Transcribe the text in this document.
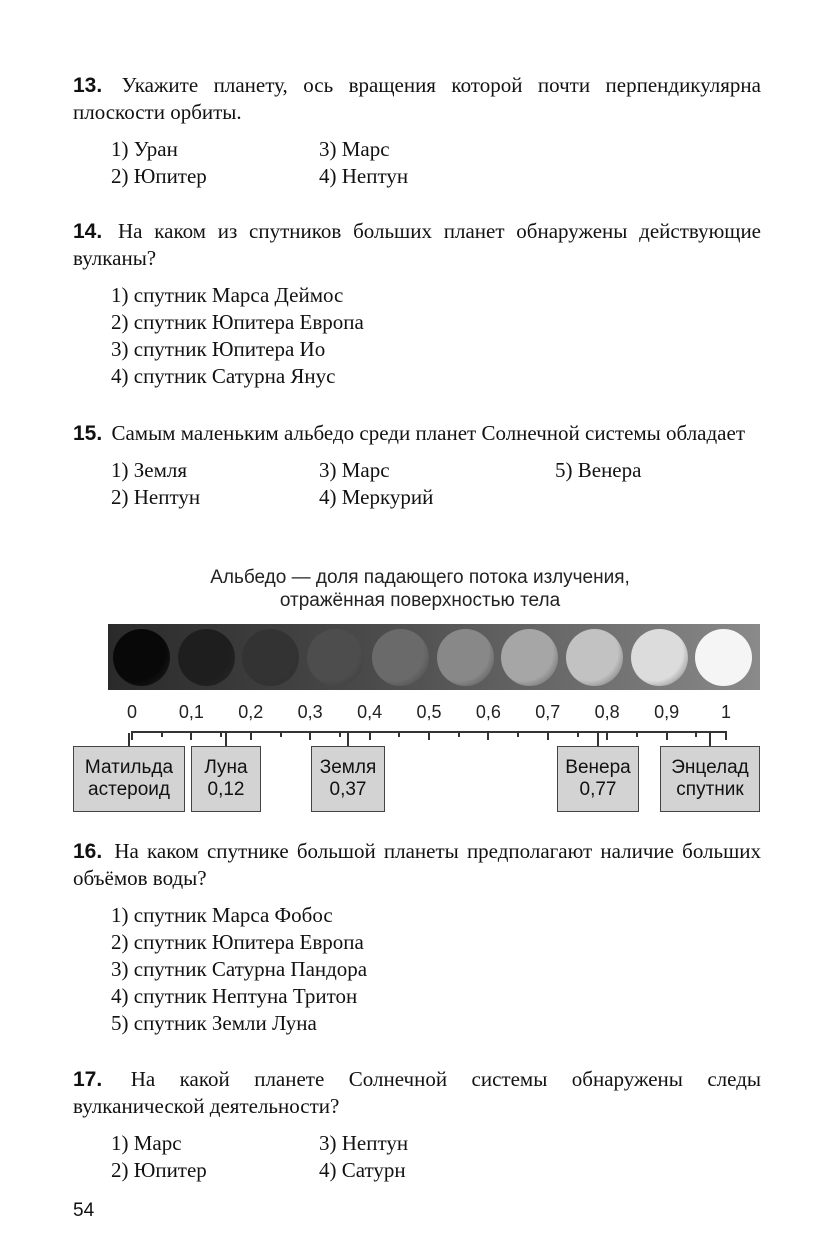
13. Укажите планету, ось вращения которой почти перпендикулярна плоскости орбиты.

1) Уран	3) Марс
2) Юпитер	4) Нептун

14. На каком из спутников больших планет обнаружены действующие вулканы?

1) спутник Марса Деймос
2) спутник Юпитера Европа
3) спутник Юпитера Ио
4) спутник Сатурна Янус

15. Самым маленьким альбедо среди планет Солнечной системы обладает

1) Земля	3) Марс	5) Венера
2) Нептун	4) Меркурий
Альбедо — доля падающего потока излучения,
отражённая поверхностью тела
0	0,1	0,2	0,3	0,4	0,5	0,6	0,7	0,8	0,9	1
Матильда
астероид
Луна
0,12
Земля
0,37
Венера
0,77
Энцелад
спутник

16. На каком спутнике большой планеты предполагают наличие больших объёмов воды?

1) спутник Марса Фобос
2) спутник Юпитера Европа
3) спутник Сатурна Пандора
4) спутник Нептуна Тритон
5) спутник Земли Луна

17. На какой планете Солнечной системы обнаружены следы вулканической деятельности?

1) Марс	3) Нептун
2) Юпитер	4) Сатурн
54
